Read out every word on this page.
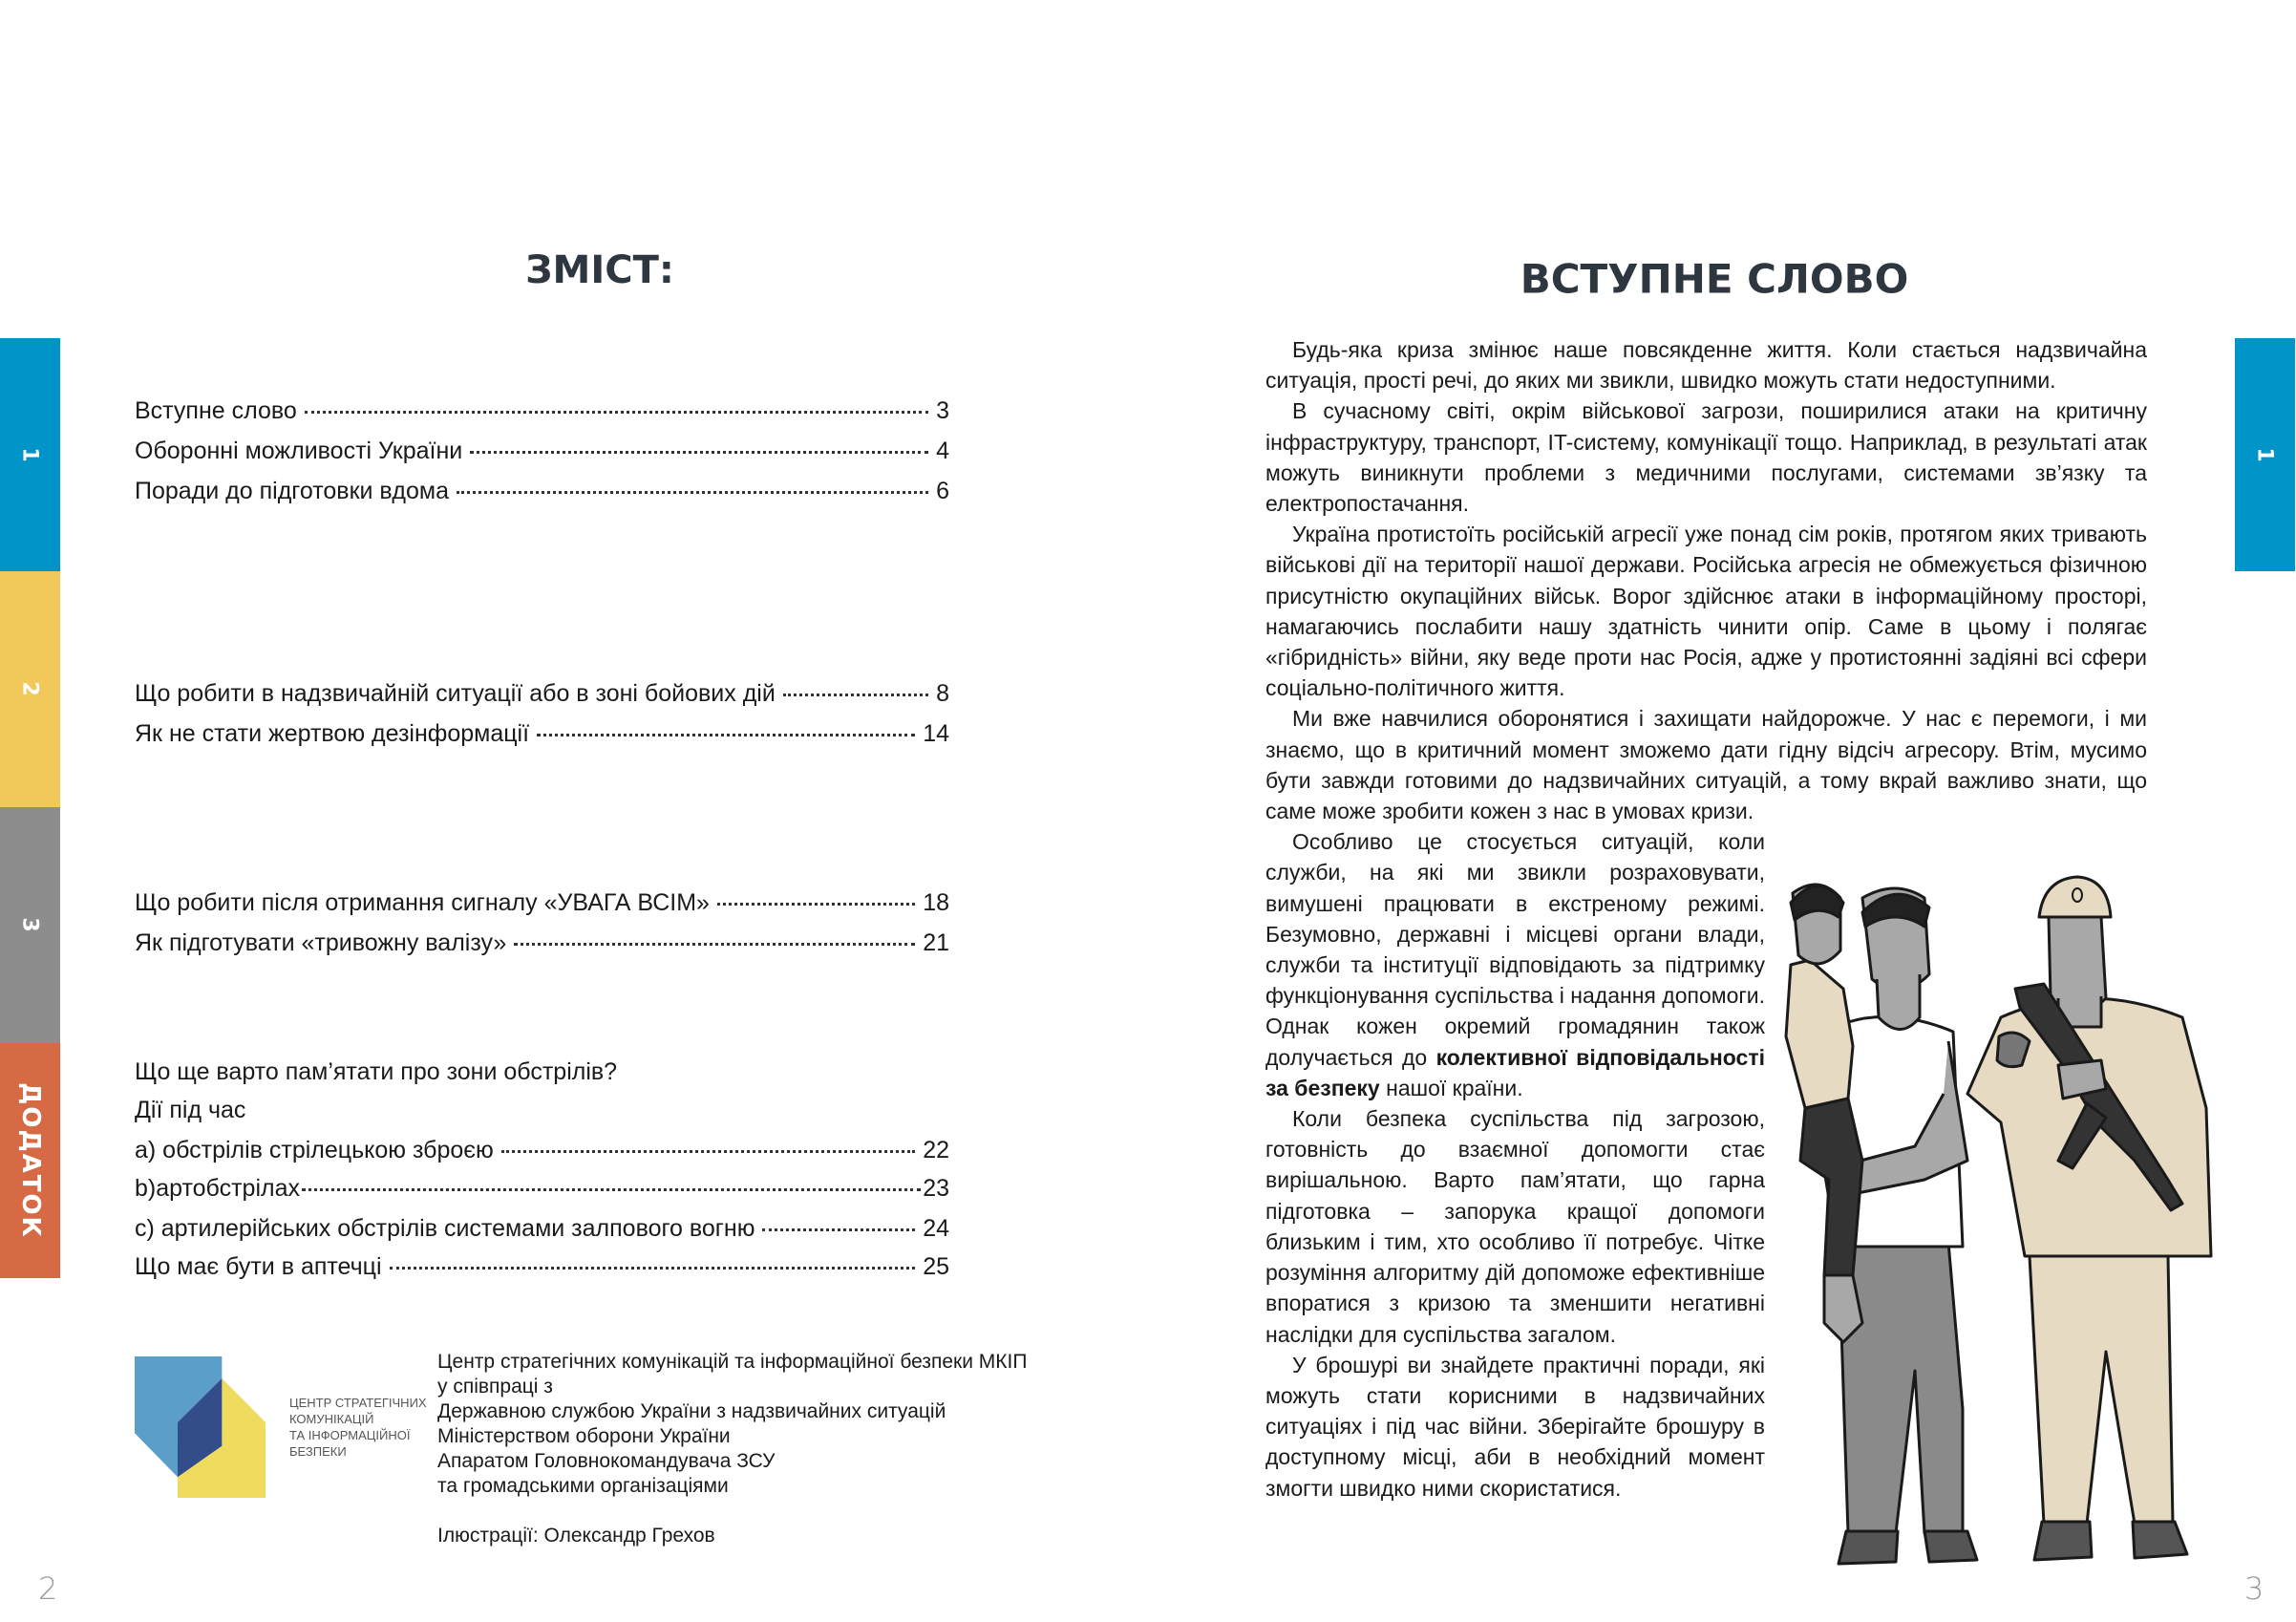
1
2
3
ДОДАТОК
1
ЗМІСТ:
Вступне слово	3
Оборонні можливості України	4
Поради до підготовки вдома	6
Що робити в надзвичайній ситуації або в зоні бойових дій	8
Як не стати жертвою дезінформації	14
Що робити після отримання сигналу «УВАГА ВСІМ»	18
Як підготувати «тривожну валізу»	21
Що ще варто пам’ятати про зони обстрілів?
Дії під час
а) обстрілів стрілецькою зброєю	22
b)артобстрілах	23
c) артилерійських обстрілів системами залпового вогню	24
Що має бути в аптечці	25
ЦЕНТР СТРАТЕГІЧНИХ
КОМУНІКАЦІЙ
ТА ІНФОРМАЦІЙНОЇ
БЕЗПЕКИ
Центр стратегічних комунікацій та інформаційної безпеки МКІП
у співпраці з
Державною службою України з надзвичайних ситуацій
Міністерством оборони України
Апаратом Головнокомандувача ЗСУ
та громадськими організаціями
Ілюстрації: Олександр Грехов
2	3
ВСТУПНЕ СЛОВО

Будь-яка криза змінює наше повсякденне життя. Коли стається надзвичайна ситуація, прості речі, до яких ми звикли, швидко можуть стати недоступними.

В сучасному світі, окрім військової загрози, поширилися атаки на критичну інфраструктуру, транспорт, IT-систему, комунікації тощо. Наприклад, в результаті атак можуть виникнути проблеми з медичними послугами, системами зв’язку та електропостачання.

Україна протистоїть російській агресії уже понад сім років, протягом яких тривають військові дії на території нашої держави. Російська агресія не обмежується фізичною присутністю окупаційних військ. Ворог здійснює атаки в інформаційному просторі, намагаючись послабити нашу здатність чинити опір. Саме в цьому і полягає «гібридність» війни, яку веде проти нас Росія, адже у протистоянні задіяні всі сфери соціально-політичного життя.

Ми вже навчилися оборонятися і захищати найдорожче. У нас є перемоги, і ми знаємо, що в критичний момент зможемо дати гідну відсіч агресору. Втім, мусимо бути завжди готовими до надзвичайних ситуацій, а тому вкрай важливо знати, що саме може зробити кожен з нас в умовах кризи.

Особливо це стосується ситуацій, коли служби, на які ми звикли розраховувати, вимушені працювати в екстреному режимі. Безумовно, державні і місцеві органи влади, служби та інституції відповідають за підтримку функціонування суспільства і надання допомоги. Однак кожен окремий громадянин також долучається до колективної відповідальності за безпеку нашої країни.

Коли безпека суспільства під загрозою, готовність до взаємної допомогти стає вирішальною. Варто пам’ятати, що гарна підготовка – запорука кращої допомоги близьким і тим, хто особливо її потребує. Чітке розуміння алгоритму дій допоможе ефективніше впоратися з кризою та зменшити негативні наслідки для суспільства загалом.

У брошурі ви знайдете практичні поради, які можуть стати корисними в надзвичайних ситуаціях і під час війни. Зберігайте брошуру в доступному місці, аби в необхідний момент змогти швидко ними скористатися.
